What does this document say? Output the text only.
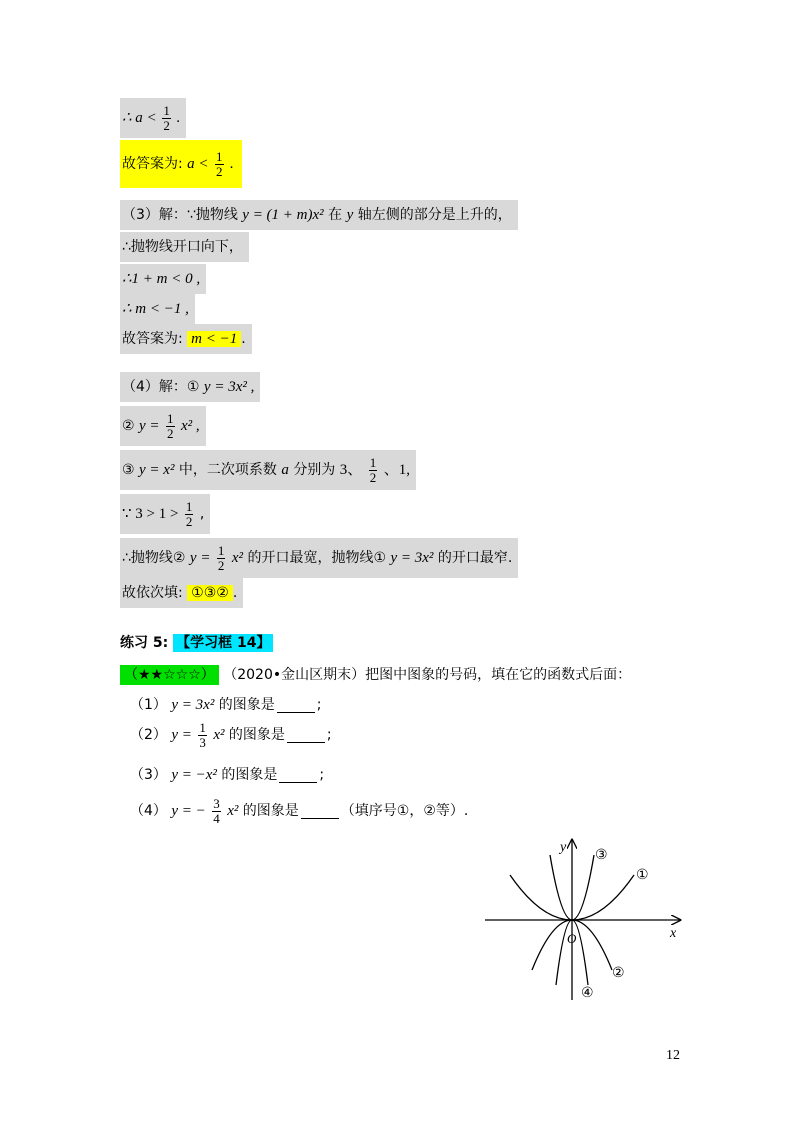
∴ $a < \frac{1}{2}$ .
故答案为: $a < \frac{1}{2}$ .
（3）解：∵抛物线 y = (1 + m)x² 在 y 轴左侧的部分是上升的，
∴抛物线开口向下，
∴1 + m < 0 ,
∴ m < −1 ,
故答案为: m < −1 .
（4）解：① y = 3x² ,
② $y = \frac{1}{2} x^2$ ,
③ y = x² 中，二次项系数 a 分别为 3、 $\frac{1}{2}$ 、1,
∵ $3 > 1 > \frac{1}{2}$ ,
∴抛物线② $y = \frac{1}{2} x^2$ 的开口最宽，抛物线① y = 3x² 的开口最窄.
故依次填: ①③② .
练习 5: 【学习框 14】
（★★☆☆☆） （2020•金山区期末）把图中图象的号码，填在它的函数式后面：
（1） y = 3x² 的图象是	;
（2） $y = \frac{1}{3} x^2$ 的图象是	;
（3） y = −x² 的图象是	;
（4） y = − $\frac{3}{4} x^2$ 的图象是	（填序号①，②等）.
y
x
O
③
①
②
④
12
